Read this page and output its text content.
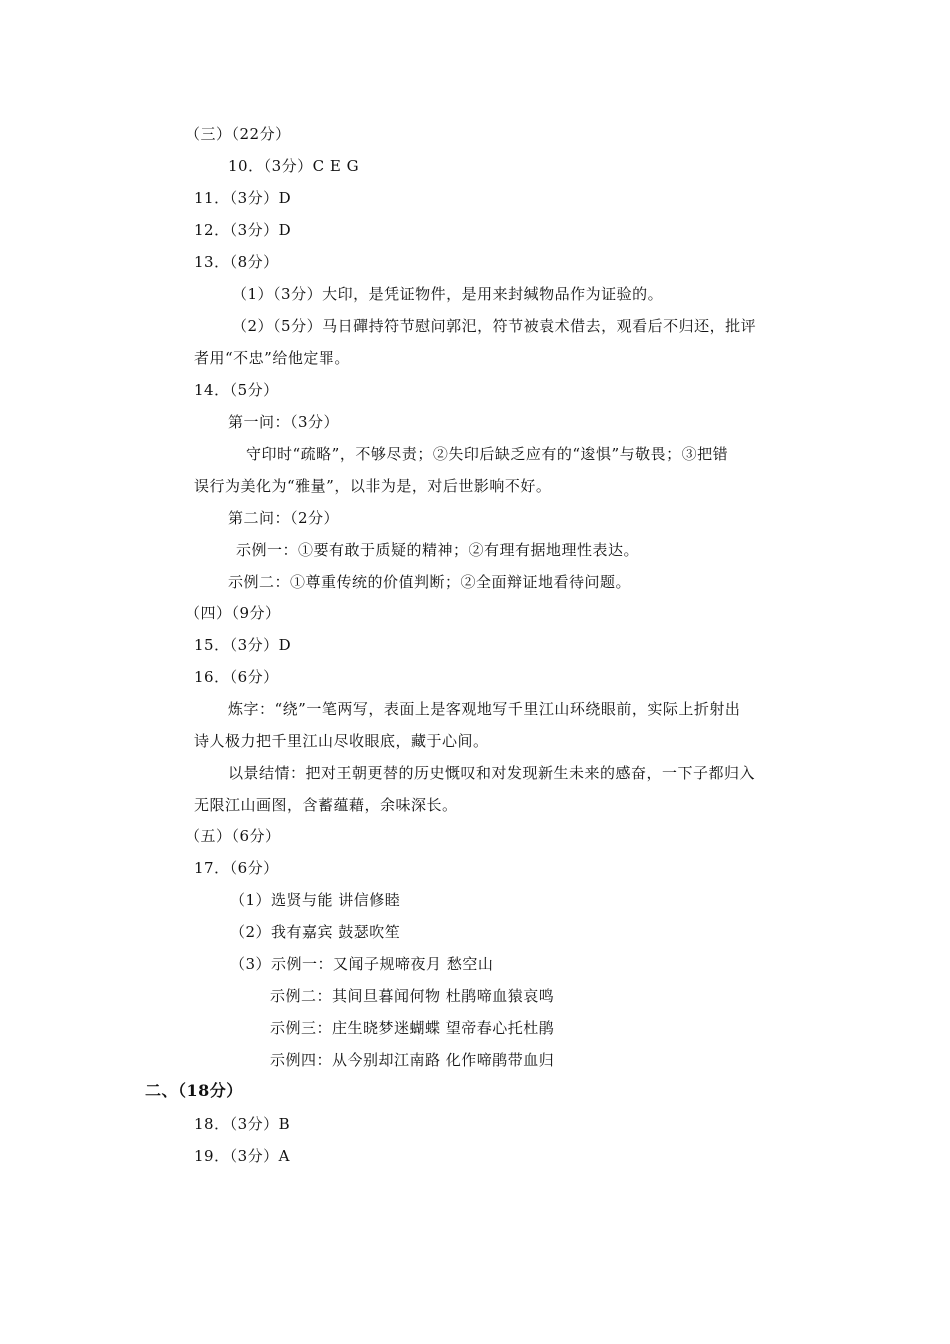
（三）（22分）
10．（3分）C E G
11．（3分）D
12．（3分）D
13．（8分）
（1）（3分）大印，是凭证物件，是用来封缄物品作为证验的。
（2）（5分）马日磾持符节慰问郭汜，符节被袁术借去，观看后不归还，批评
者用“不忠”给他定罪。
14．（5分）
第一问：（3分）
守印时“疏略”，不够尽责；②失印后缺乏应有的“逡惧”与敬畏；③把错
误行为美化为“雅量”，以非为是，对后世影响不好。
第二问：（2分）
示例一：①要有敢于质疑的精神；②有理有据地理性表达。
示例二：①尊重传统的价值判断；②全面辩证地看待问题。
（四）（9分）
15．（3分）D
16．（6分）
炼字：“绕”一笔两写，表面上是客观地写千里江山环绕眼前，实际上折射出
诗人极力把千里江山尽收眼底，藏于心间。
以景结情：把对王朝更替的历史慨叹和对发现新生未来的感奋，一下子都归入
无限江山画图，含蓄蕴藉，余味深长。
（五）（6分）
17．（6分）
（1）选贤与能 讲信修睦
（2）我有嘉宾 鼓瑟吹笙
（3）示例一：又闻子规啼夜月 愁空山
示例二：其间旦暮闻何物 杜鹃啼血猿哀鸣
示例三：庄生晓梦迷蝴蝶 望帝春心托杜鹃
示例四：从今别却江南路 化作啼鹃带血归
二、（18分）
18．（3分）B
19．（3分）A
